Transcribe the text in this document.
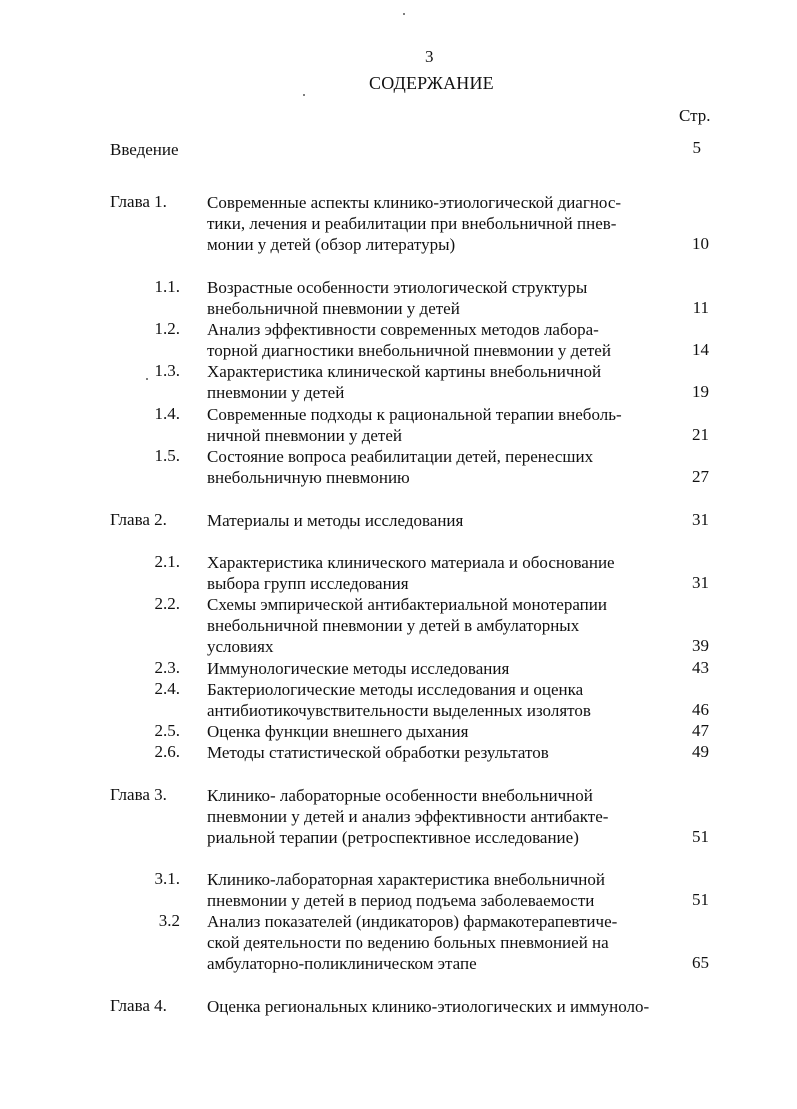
3
СОДЕРЖАНИЕ
Стр.
Введение	5
Глава 1. Современные аспекты клинико-этиологической диагнос-
тики, лечения и реабилитации при внебольничной пнев-
монии у детей (обзор литературы)	10
1.1. Возрастные особенности этиологической структуры
внебольничной пневмонии у детей	11
1.2. Анализ эффективности современных методов лабора-
торной диагностики внебольничной пневмонии у детей	14
1.3. Характеристика клинической картины внебольничной
пневмонии у детей	19
1.4. Современные подходы к рациональной терапии внеболь-
ничной пневмонии у детей	21
1.5. Состояние вопроса реабилитации детей, перенесших
внебольничную пневмонию	27
Глава 2. Материалы и методы исследования	31
2.1. Характеристика клинического материала и обоснование
выбора групп исследования	31
2.2. Схемы эмпирической антибактериальной монотерапии
внебольничной пневмонии у детей в амбулаторных
условиях	39
2.3. Иммунологические методы исследования	43
2.4. Бактериологические методы исследования и оценка
антибиотикочувствительности выделенных изолятов	46
2.5. Оценка функции внешнего дыхания	47
2.6. Методы статистической обработки результатов	49
Глава 3. Клинико- лабораторные особенности внебольничной
пневмонии у детей и анализ эффективности антибакте-
риальной терапии (ретроспективное исследование)	51
3.1. Клинико-лабораторная характеристика внебольничной
пневмонии у детей в период подъема заболеваемости	51
3.2 Анализ показателей (индикаторов) фармакотерапевтиче-
ской деятельности по ведению больных пневмонией на
амбулаторно-поликлиническом этапе	65
Глава 4. Оценка региональных клинико-этиологических и иммуноло-
